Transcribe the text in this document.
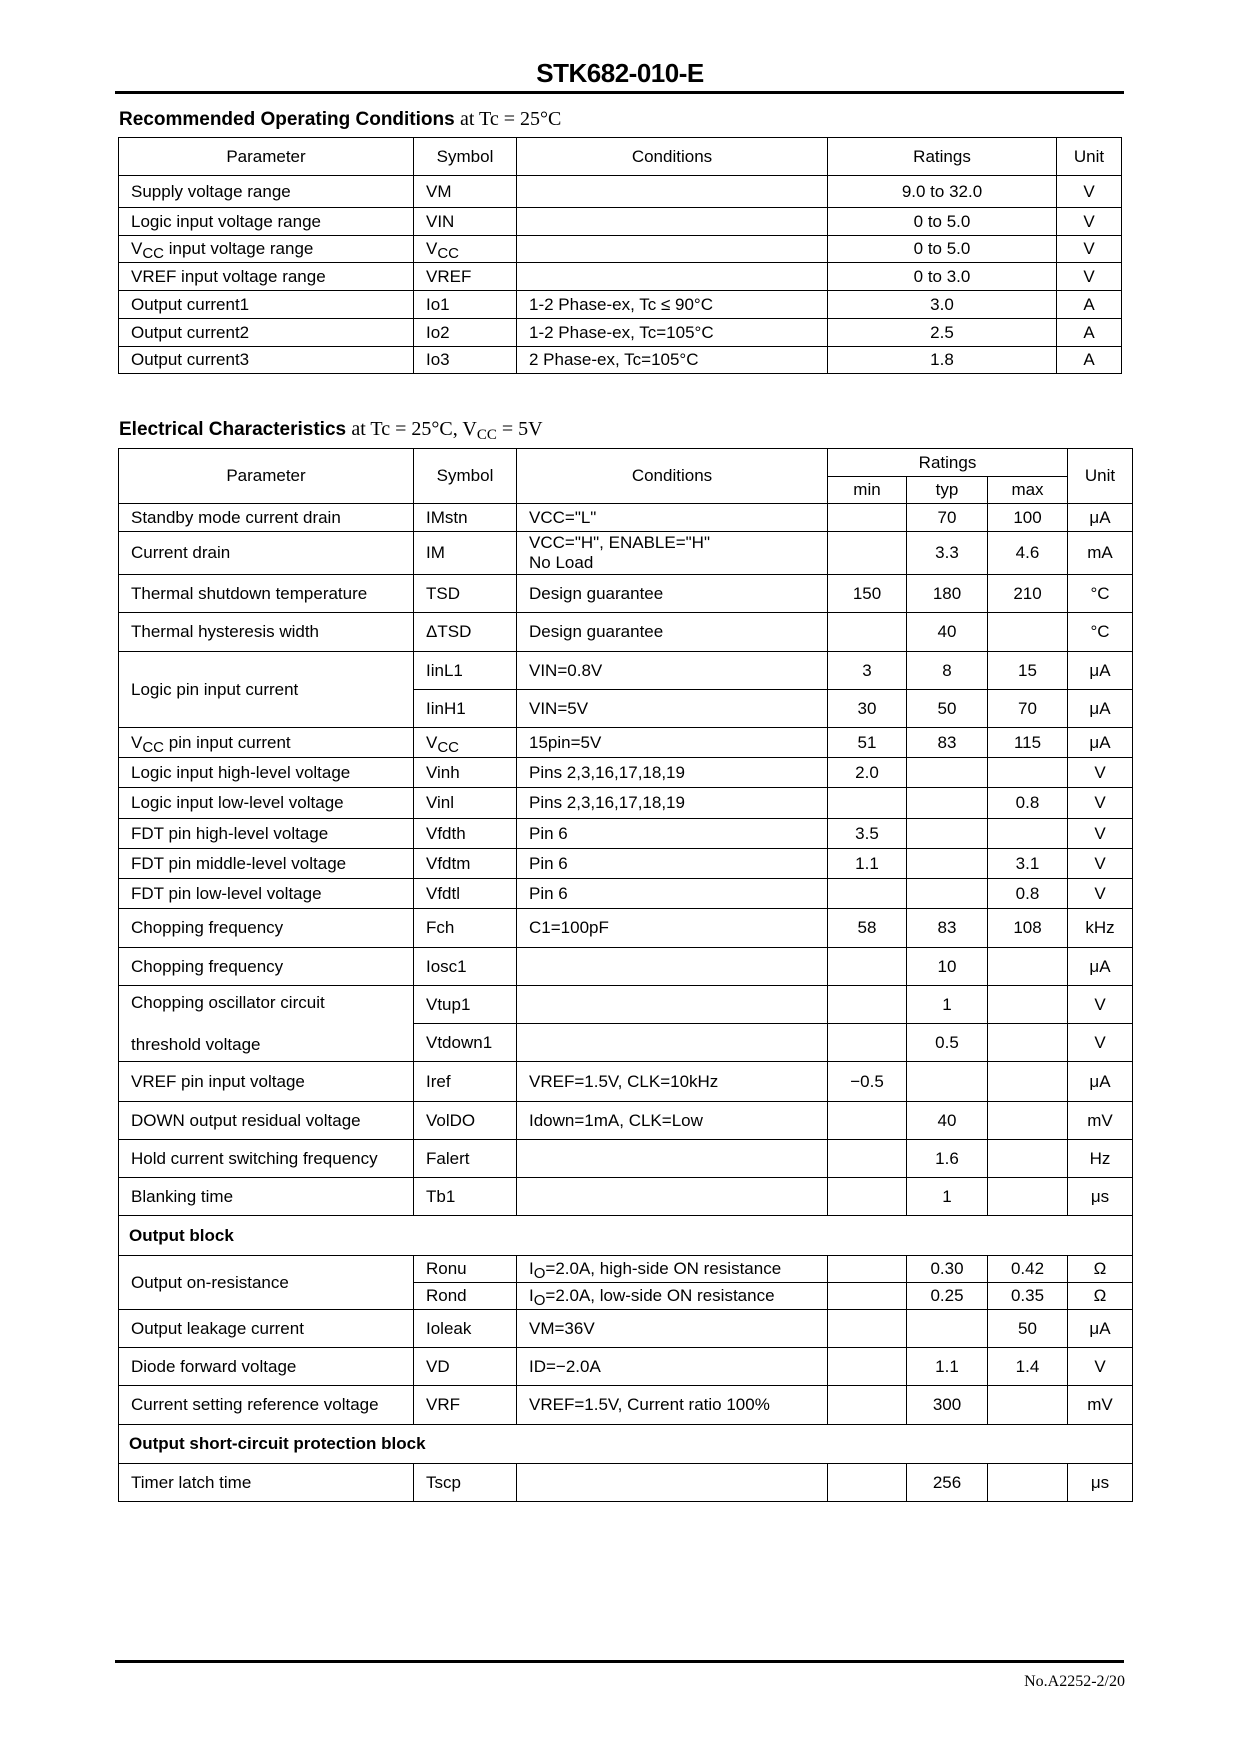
STK682-010-E
Recommended Operating Conditions at Tc = 25°C
Parameter	Symbol	Conditions	Ratings	Unit
Supply voltage range	VM		9.0 to 32.0	V
Logic input voltage range	VIN		0 to 5.0	V
$V_{CC}$ input voltage range	$V_{CC}$		0 to 5.0	V
VREF input voltage range	VREF		0 to 3.0	V
Output current1	Io1	1-2 Phase-ex, Tc ≤ 90°C	3.0	A
Output current2	Io2	1-2 Phase-ex, Tc=105°C	2.5	A
Output current3	Io3	2 Phase-ex, Tc=105°C	1.8	A
Electrical Characteristics at Tc = 25°C, $V_{CC} = 5V$
Parameter	Symbol	Conditions	Ratings			Unit
			min	typ	max	
Standby mode current drain	IMstn	VCC="L"		70	100	μA
Current drain	IM	VCC="H", ENABLE="H"
No Load		3.3	4.6	mA
Thermal shutdown temperature	TSD	Design guarantee	150	180	210	°C
Thermal hysteresis width	ΔTSD	Design guarantee		40		°C
Logic pin input current	IinL1	VIN=0.8V	3	8	15	μA
	IinH1	VIN=5V	30	50	70	μA
$V_{CC}$ pin input current	$V_{CC}$	15pin=5V	51	83	115	μA
Logic input high-level voltage	Vinh	Pins 2,3,16,17,18,19	2.0			V
Logic input low-level voltage	Vinl	Pins 2,3,16,17,18,19			0.8	V
FDT pin high-level voltage	Vfdth	Pin 6	3.5			V
FDT pin middle-level voltage	Vfdtm	Pin 6	1.1		3.1	V
FDT pin low-level voltage	Vfdtl	Pin 6			0.8	V
Chopping frequency	Fch	C1=100pF	58	83	108	kHz
Chopping frequency	Iosc1			10		μA

Chopping oscillator circuit
threshold voltage	Vtup1			1		V
	Vtdown1			0.5		V
VREF pin input voltage	Iref	VREF=1.5V, CLK=10kHz	−0.5			μA
DOWN output residual voltage	VolDO	Idown=1mA, CLK=Low		40		mV
Hold current switching frequency	Falert			1.6		Hz
Blanking time	Tb1			1		μs
Output block						
Output on-resistance	Ronu	$I_O=2.0A$, high-side ON resistance		0.30	0.42	Ω
	Rond	$I_O=2.0A$, low-side ON resistance		0.25	0.35	Ω
Output leakage current	Ioleak	VM=36V			50	μA
Diode forward voltage	VD	ID=−2.0A		1.1	1.4	V
Current setting reference voltage	VRF	VREF=1.5V, Current ratio 100%		300		mV
Output short-circuit protection block						
Timer latch time	Tscp			256		μs
No.A2252-2/20
